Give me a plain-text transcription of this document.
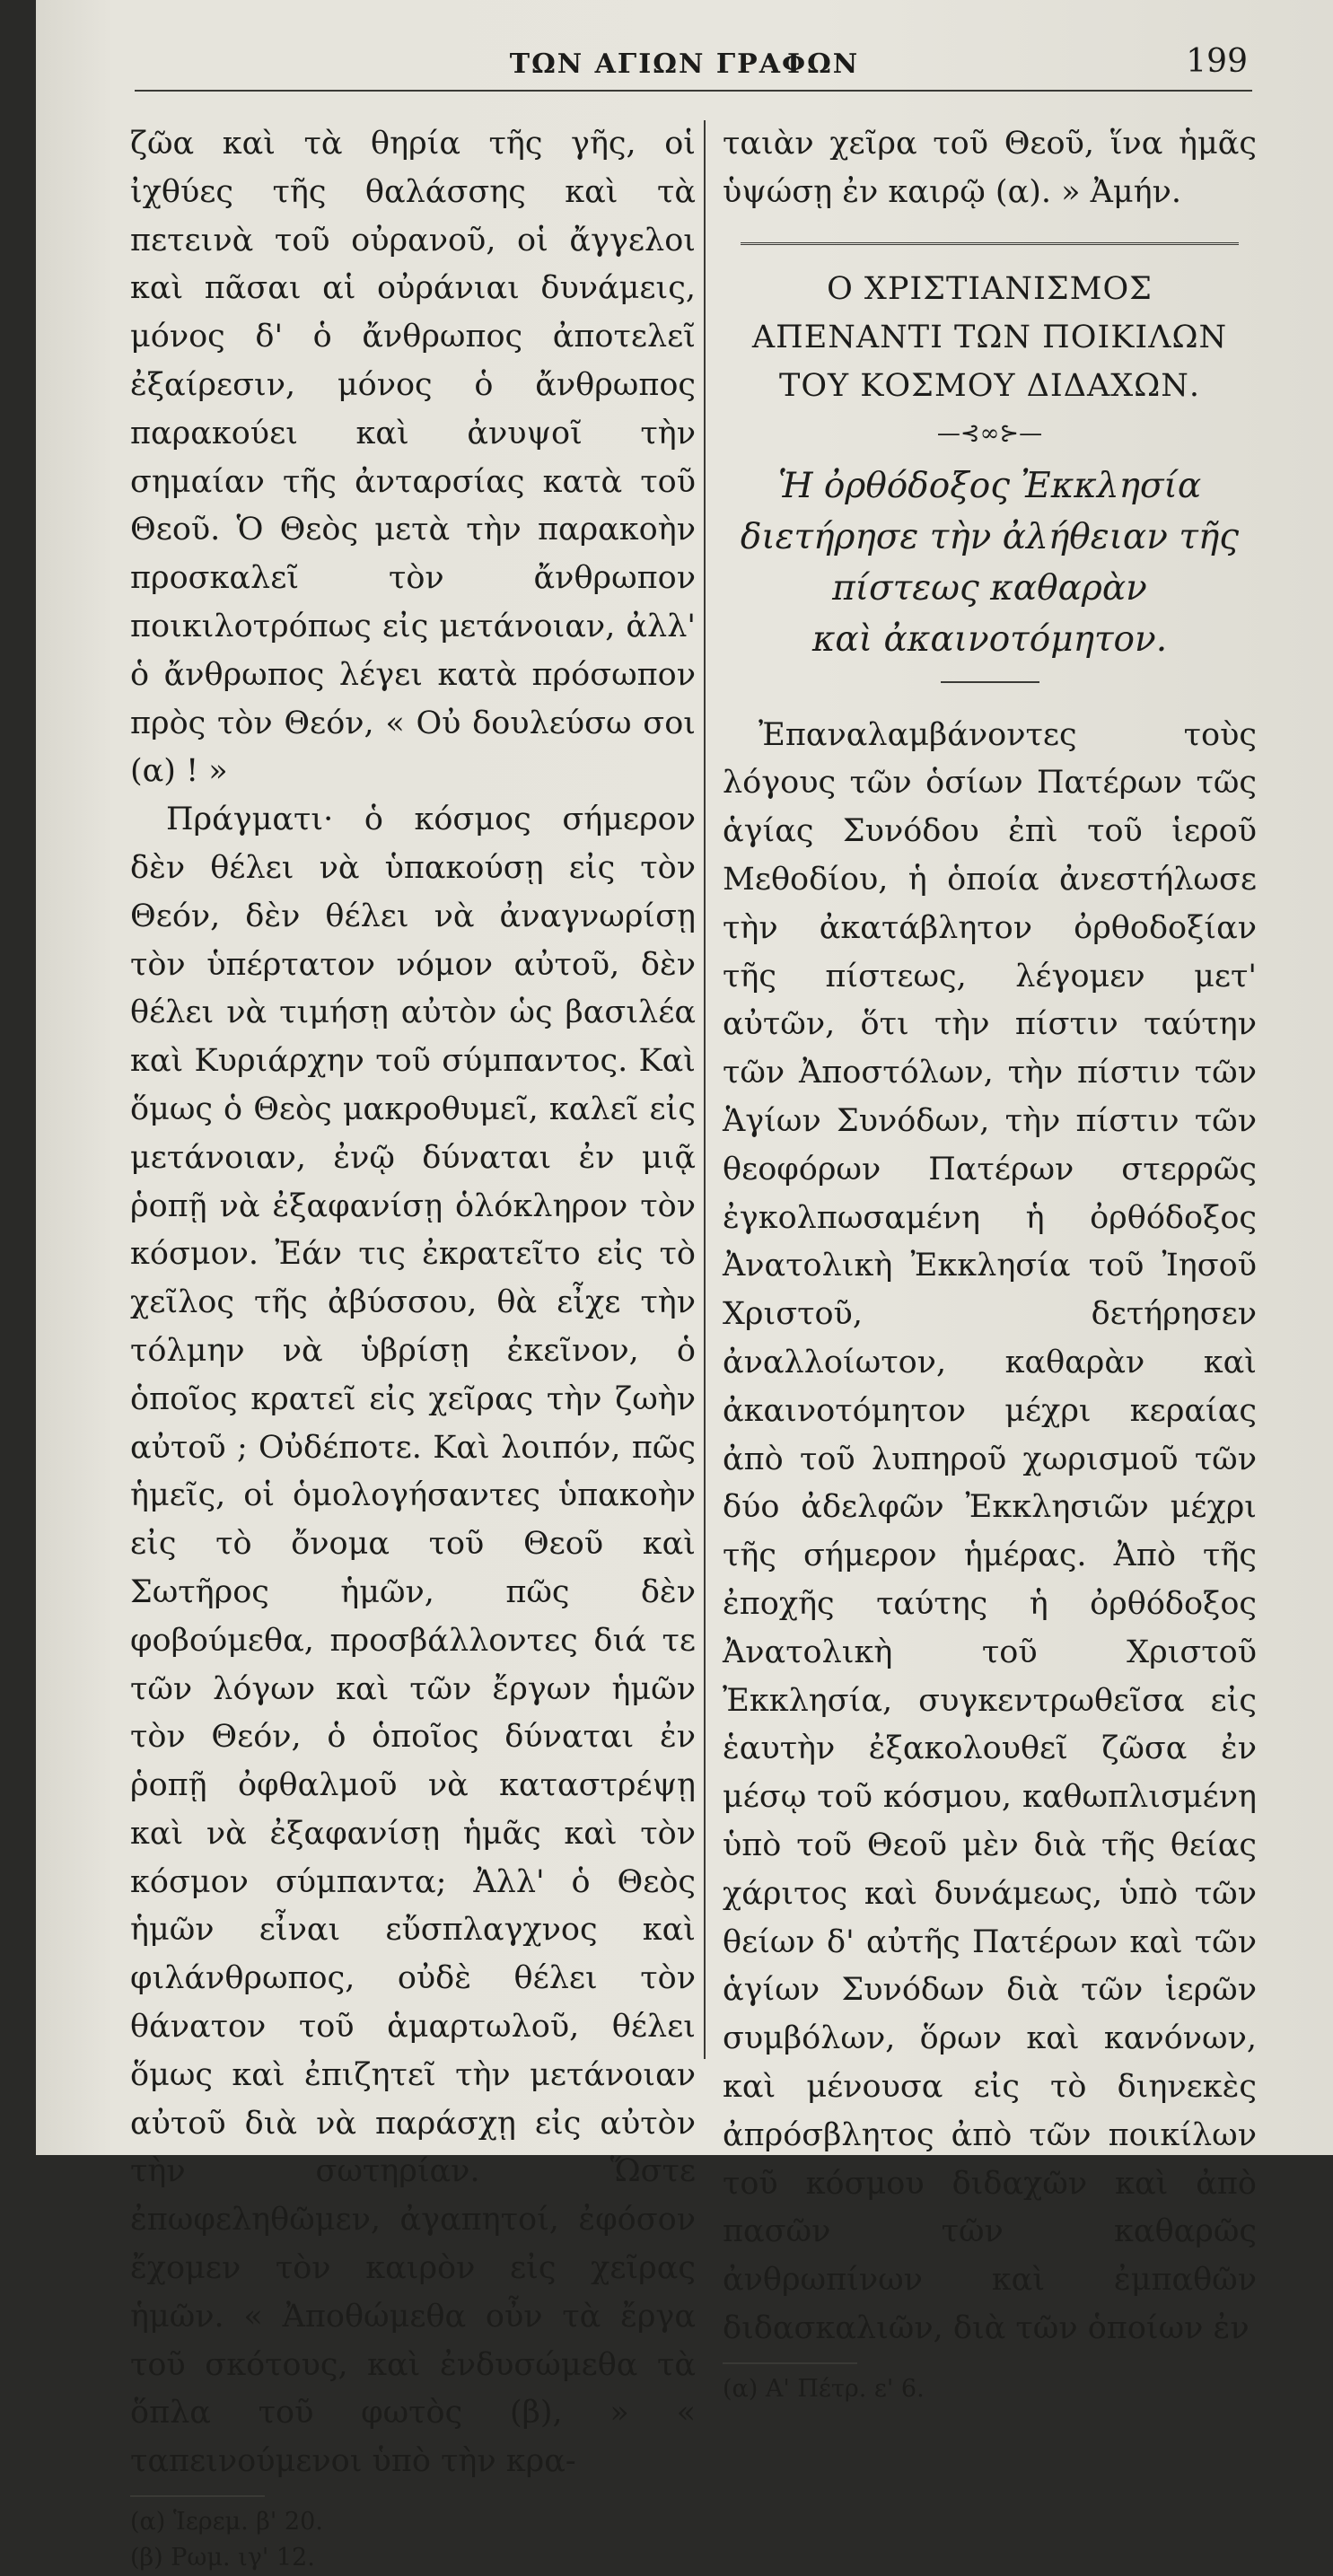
ΤΩΝ ΑΓΙΩΝ ΓΡΑΦΩΝ	199

ζῶα καὶ τὰ θηρία τῆς γῆς, οἱ ἰχθύες τῆς θαλάσσης καὶ τὰ πετεινὰ τοῦ οὐρανοῦ, οἱ ἄγγελοι καὶ πᾶσαι αἱ οὐράνιαι δυνάμεις, μόνος δ' ὁ ἄνθρωπος ἀποτελεῖ ἐξαίρεσιν, μόνος ὁ ἄνθρωπος παρακούει καὶ ἀνυψοῖ τὴν σημαίαν τῆς ἀνταρσίας κατὰ τοῦ Θεοῦ. Ὁ Θεὸς μετὰ τὴν παρακοὴν προσκαλεῖ τὸν ἄνθρωπον ποικιλοτρόπως εἰς μετάνοιαν, ἀλλ' ὁ ἄνθρωπος λέγει κατὰ πρόσωπον πρὸς τὸν Θεόν, « Οὐ δουλεύσω σοι (α) ! »

Πράγματι· ὁ κόσμος σήμερον δὲν θέλει νὰ ὑπακούσῃ εἰς τὸν Θεόν, δὲν θέλει νὰ ἀναγνωρίσῃ τὸν ὑπέρτατον νόμον αὐτοῦ, δὲν θέλει νὰ τιμήσῃ αὐτὸν ὡς βασιλέα καὶ Κυριάρχην τοῦ σύμπαντος. Καὶ ὅμως ὁ Θεὸς μακροθυμεῖ, καλεῖ εἰς μετάνοιαν, ἐνῷ δύναται ἐν μιᾷ ῥοπῇ νὰ ἐξαφανίσῃ ὁλόκληρον τὸν κόσμον. Ἐάν τις ἐκρατεῖτο εἰς τὸ χεῖλος τῆς ἀβύσσου, θὰ εἶχε τὴν τόλμην νὰ ὑβρίσῃ ἐκεῖνον, ὁ ὁποῖος κρατεῖ εἰς χεῖρας τὴν ζωὴν αὐτοῦ ; Οὐδέποτε. Καὶ λοιπόν, πῶς ἡμεῖς, οἱ ὁμολογήσαντες ὑπακοὴν εἰς τὸ ὄνομα τοῦ Θεοῦ καὶ Σωτῆρος ἡμῶν, πῶς δὲν φοβούμεθα, προσβάλλοντες διά τε τῶν λόγων καὶ τῶν ἔργων ἡμῶν τὸν Θεόν, ὁ ὁποῖος δύναται ἐν ῥοπῇ ὀφθαλμοῦ νὰ καταστρέψῃ καὶ νὰ ἐξαφανίσῃ ἡμᾶς καὶ τὸν κόσμον σύμπαντα; Ἀλλ' ὁ Θεὸς ἡμῶν εἶναι εὔσπλαγχνος καὶ φιλάνθρωπος, οὐδὲ θέλει τὸν θάνατον τοῦ ἁμαρτωλοῦ, θέλει ὅμως καὶ ἐπιζητεῖ τὴν μετάνοιαν αὐτοῦ διὰ νὰ παράσχῃ εἰς αὐτὸν τὴν σωτηρίαν. Ὥστε ἐπωφεληθῶμεν, ἀγαπητοί, ἐφόσον ἔχομεν τὸν καιρὸν εἰς χεῖρας ἡμῶν. « Ἀποθώμεθα οὖν τὰ ἔργα τοῦ σκότους, καὶ ἐνδυσώμεθα τὰ ὅπλα τοῦ φωτὸς (β), » « ταπεινούμενοι ὑπὸ τὴν κρα-

(α) Ἱερεμ. β' 20.

(β) Ρωμ. ιγ' 12.

ταιὰν χεῖρα τοῦ Θεοῦ, ἵνα ἡμᾶς ὑψώσῃ ἐν καιρῷ (α). » Ἀμήν.

Ο ΧΡΙΣΤΙΑΝΙΣΜΟΣ
ΑΠΕΝΑΝΤΙ ΤΩΝ ΠΟΙΚΙΛΩΝ
ΤΟΥ ΚΟΣΜΟΥ ΔΙΔΑΧΩΝ.
—⊰∞⊱—
Ἡ ὀρθόδοξος Ἐκκλησία
διετήρησε τὴν ἀλήθειαν τῆς
πίστεως καθαρὰν
καὶ ἀκαινοτόμητον.

Ἐπαναλαμβάνοντες τοὺς λόγους τῶν ὁσίων Πατέρων τῶς ἁγίας Συνόδου ἐπὶ τοῦ ἱεροῦ Μεθοδίου, ἡ ὁποία ἀνεστήλωσε τὴν ἀκατάβλητον ὀρθοδοξίαν τῆς πίστεως, λέγομεν μετ' αὐτῶν, ὅτι τὴν πίστιν ταύτην τῶν Ἀποστόλων, τὴν πίστιν τῶν Ἁγίων Συνόδων, τὴν πίστιν τῶν θεοφόρων Πατέρων στερρῶς ἐγκολπωσαμένη ἡ ὀρθόδοξος Ἀνατολικὴ Ἐκκλησία τοῦ Ἰησοῦ Χριστοῦ, δετήρησεν ἀναλλοίωτον, καθαρὰν καὶ ἀκαινοτόμητον μέχρι κεραίας ἀπὸ τοῦ λυπηροῦ χωρισμοῦ τῶν δύο ἀδελφῶν Ἐκκλησιῶν μέχρι τῆς σήμερον ἡμέρας. Ἀπὸ τῆς ἐποχῆς ταύτης ἡ ὀρθόδοξος Ἀνατολικὴ τοῦ Χριστοῦ Ἐκκλησία, συγκεντρωθεῖσα εἰς ἑαυτὴν ἐξακολουθεῖ ζῶσα ἐν μέσῳ τοῦ κόσμου, καθωπλισμένη ὑπὸ τοῦ Θεοῦ μὲν διὰ τῆς θείας χάριτος καὶ δυνάμεως, ὑπὸ τῶν θείων δ' αὐτῆς Πατέρων καὶ τῶν ἁγίων Συνόδων διὰ τῶν ἱερῶν συμβόλων, ὅρων καὶ κανόνων, καὶ μένουσα εἰς τὸ διηνεκὲς ἀπρόσβλητος ἀπὸ τῶν ποικίλων τοῦ κόσμου διδαχῶν καὶ ἀπὸ πασῶν τῶν καθαρῶς ἀνθρωπίνων καὶ ἐμπαθῶν διδασκαλιῶν, διὰ τῶν ὁποίων ἐν

(α) Α' Πέτρ. ε' 6.
